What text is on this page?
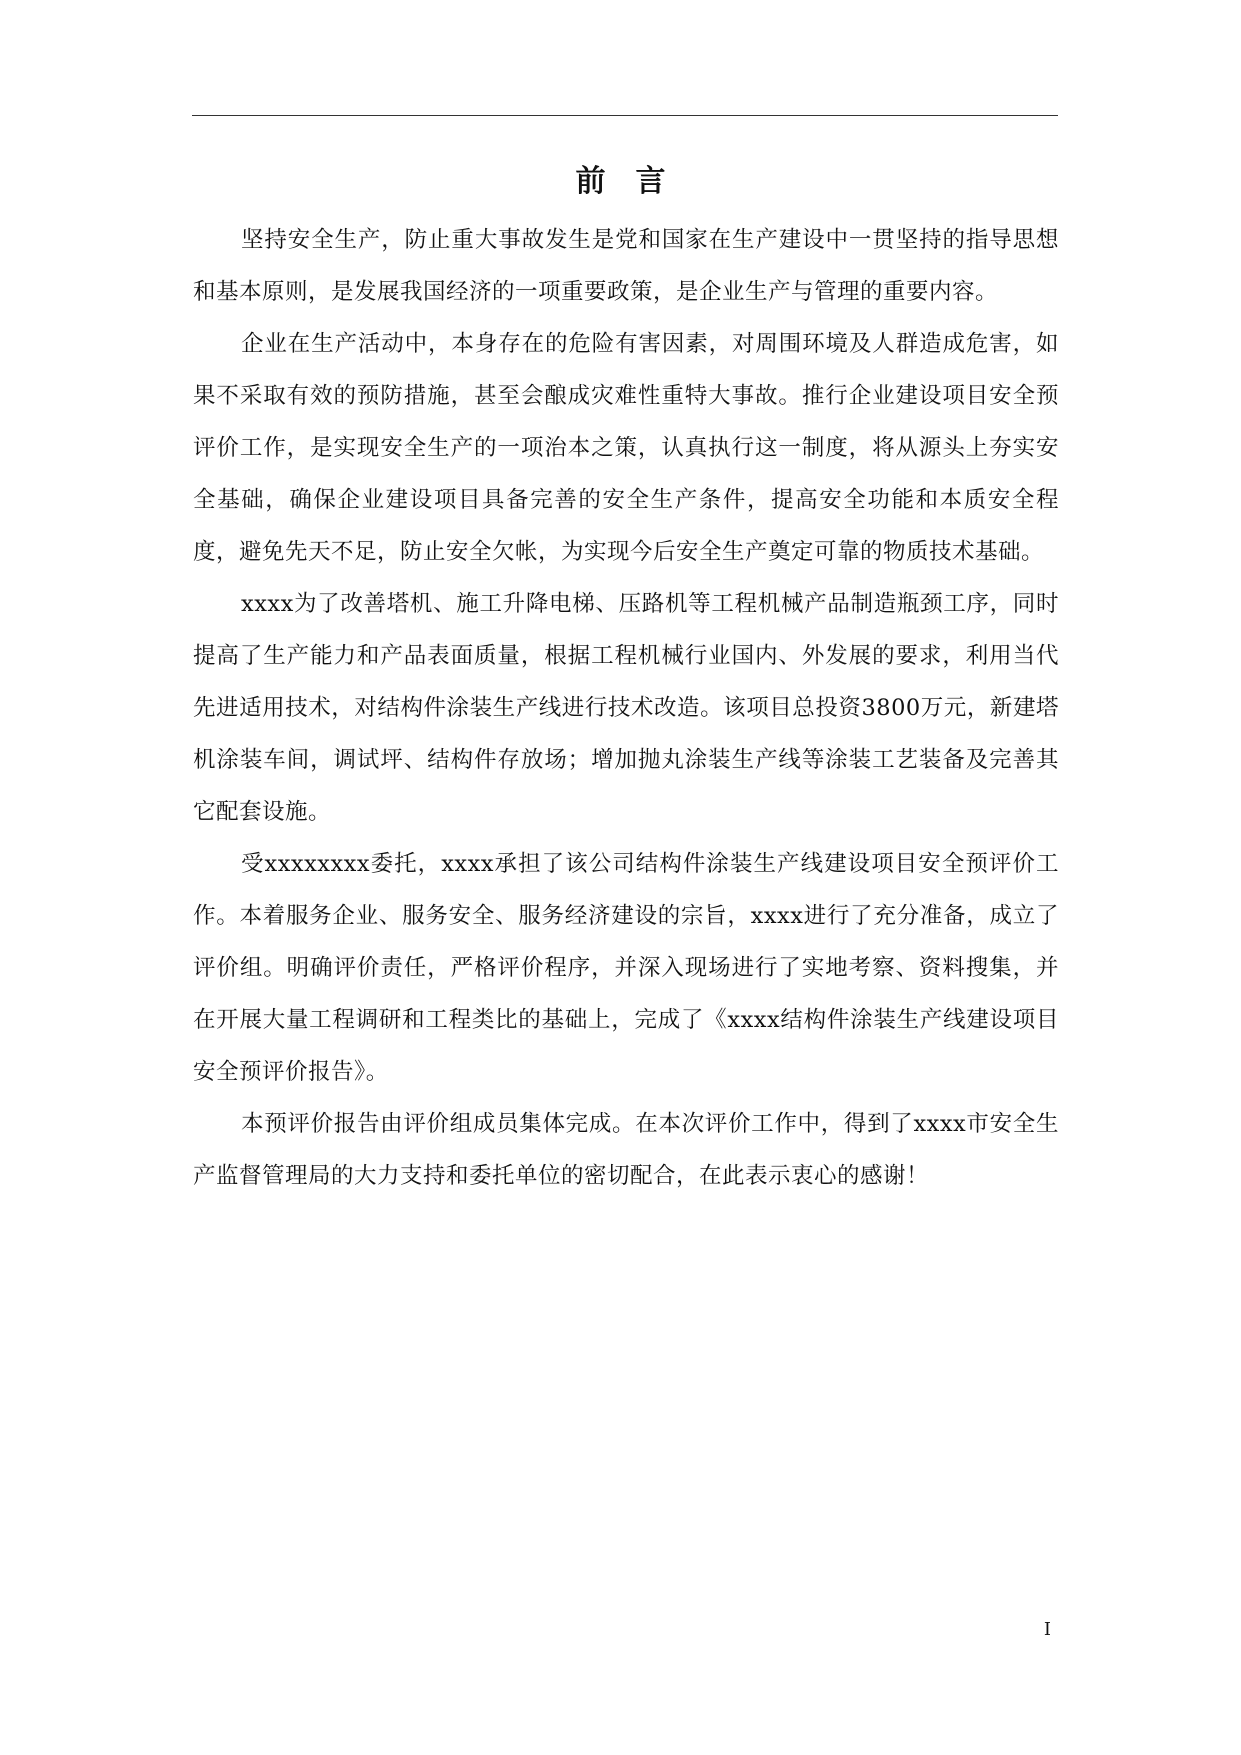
前言

坚持安全生产，防止重大事故发生是党和国家在生产建设中一贯坚持的指导思想和基本原则，是发展我国经济的一项重要政策，是企业生产与管理的重要内容。

企业在生产活动中，本身存在的危险有害因素，对周围环境及人群造成危害，如果不采取有效的预防措施，甚至会酿成灾难性重特大事故。推行企业建设项目安全预评价工作，是实现安全生产的一项治本之策，认真执行这一制度，将从源头上夯实安全基础，确保企业建设项目具备完善的安全生产条件，提高安全功能和本质安全程度，避免先天不足，防止安全欠帐，为实现今后安全生产奠定可靠的物质技术基础。

xxxx为了改善塔机、施工升降电梯、压路机等工程机械产品制造瓶颈工序，同时提高了生产能力和产品表面质量，根据工程机械行业国内、外发展的要求，利用当代先进适用技术，对结构件涂装生产线进行技术改造。该项目总投资3800万元，新建塔机涂装车间，调试坪、结构件存放场；增加抛丸涂装生产线等涂装工艺装备及完善其它配套设施。

受xxxxxxxx委托，xxxx承担了该公司结构件涂装生产线建设项目安全预评价工作。本着服务企业、服务安全、服务经济建设的宗旨，xxxx进行了充分准备，成立了评价组。明确评价责任，严格评价程序，并深入现场进行了实地考察、资料搜集，并在开展大量工程调研和工程类比的基础上，完成了《xxxx结构件涂装生产线建设项目安全预评价报告》。

本预评价报告由评价组成员集体完成。在本次评价工作中，得到了xxxx市安全生产监督管理局的大力支持和委托单位的密切配合，在此表示衷心的感谢！

I
